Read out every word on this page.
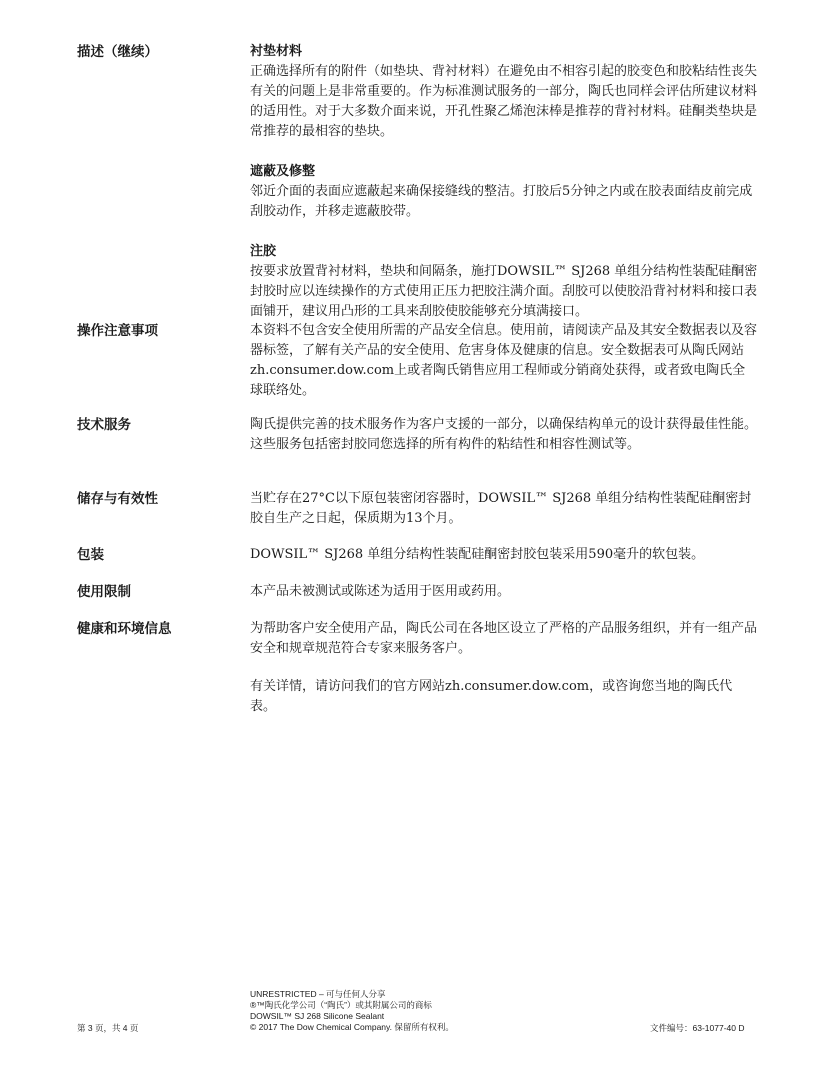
描述（继续）	衬垫材料
正确选择所有的附件（如垫块、背衬材料）在避免由不相容引起的胶变色和胶粘结性丧失有关的问题上是非常重要的。作为标准测试服务的一部分，陶氏也同样会评估所建议材料的适用性。对于大多数介面来说，开孔性聚乙烯泡沫棒是推荐的背衬材料。硅酮类垫块是常推荐的最相容的垫块。
遮蔽及修整
邻近介面的表面应遮蔽起来确保接缝线的整洁。打胶后5分钟之内或在胶表面结皮前完成刮胶动作，并移走遮蔽胶带。
注胶
按要求放置背衬材料，垫块和间隔条，施打DOWSIL™ SJ268 单组分结构性装配硅酮密封胶时应以连续操作的方式使用正压力把胶注满介面。刮胶可以使胶沿背衬材料和接口表面铺开，建议用凸形的工具来刮胶使胶能够充分填满接口。
操作注意事项	本资料不包含安全使用所需的产品安全信息。使用前，请阅读产品及其安全数据表以及容器标签，了解有关产品的安全使用、危害身体及健康的信息。安全数据表可从陶氏网站zh.consumer.dow.com上或者陶氏销售应用工程师或分销商处获得，或者致电陶氏全球联络处。
技术服务	陶氏提供完善的技术服务作为客户支援的一部分，以确保结构单元的设计获得最佳性能。这些服务包括密封胶同您选择的所有构件的粘结性和相容性测试等。
储存与有效性	当贮存在27°C以下原包装密闭容器时，DOWSIL™ SJ268 单组分结构性装配硅酮密封胶自生产之日起，保质期为13个月。
包装	DOWSIL™ SJ268 单组分结构性装配硅酮密封胶包装采用590毫升的软包装。
使用限制	本产品未被测试或陈述为适用于医用或药用。
健康和环境信息	为帮助客户安全使用产品，陶氏公司在各地区设立了严格的产品服务组织，并有一组产品安全和规章规范符合专家来服务客户。
有关详情，请访问我们的官方网站zh.consumer.dow.com，或咨询您当地的陶氏代表。
UNRESTRICTED – 可与任何人分享
®™陶氏化学公司（“陶氏”）或其附属公司的商标
DOWSIL™ SJ 268 Silicone Sealant
© 2017 The Dow Chemical Company. 保留所有权利。
第 3 页，共 4 页	文件编号：63-1077-40 D
